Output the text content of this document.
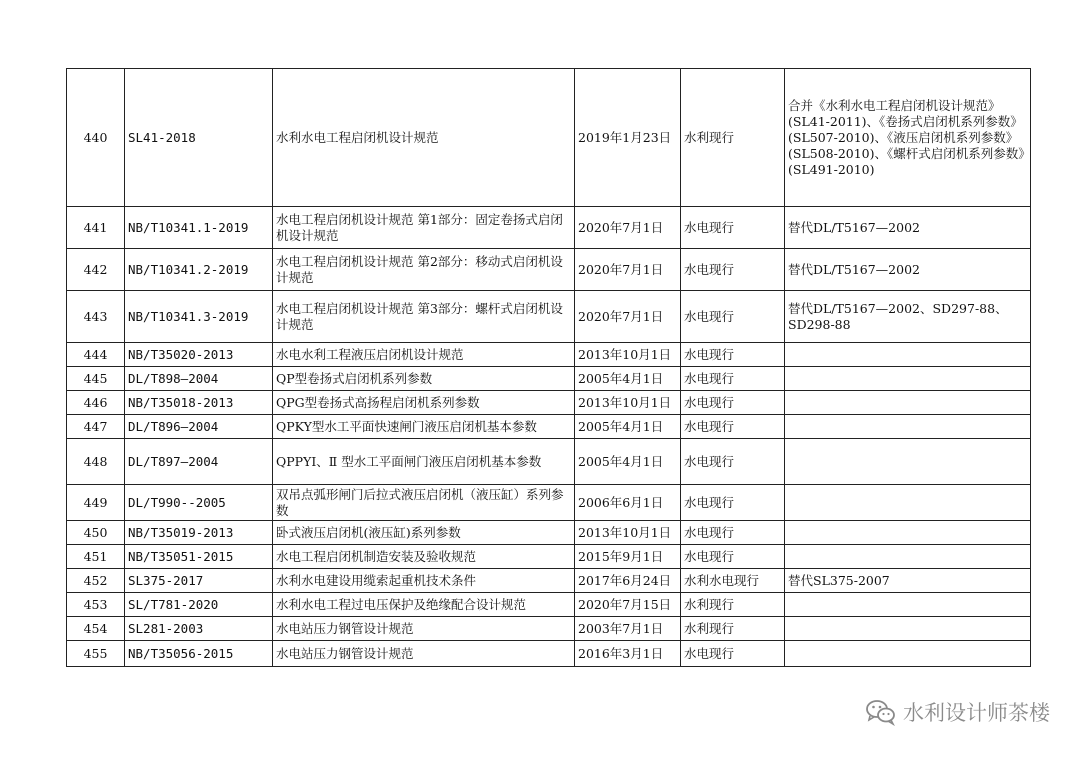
440	SL41-2018	水利水电工程启闭机设计规范	2019年1月23日	水利现行	合并《水利水电工程启闭机设计规范》(SL41-2011)、《卷扬式启闭机系列参数》(SL507-2010)、《液压启闭机系列参数》(SL508-2010)、《螺杆式启闭机系列参数》(SL491-2010)
441	NB/T10341.1-2019	水电工程启闭机设计规范 第1部分：固定卷扬式启闭机设计规范	2020年7月1日	水电现行	替代DL/T5167—2002
442	NB/T10341.2-2019	水电工程启闭机设计规范 第2部分：移动式启闭机设计规范	2020年7月1日	水电现行	替代DL/T5167—2002
443	NB/T10341.3-2019	水电工程启闭机设计规范 第3部分：螺杆式启闭机设计规范	2020年7月1日	水电现行	替代DL/T5167—2002、SD297-88、SD298-88
444	NB/T35020-2013	水电水利工程液压启闭机设计规范	2013年10月1日	水电现行	
445	DL/T898—2004	QP型卷扬式启闭机系列参数	2005年4月1日	水电现行	
446	NB/T35018-2013	QPG型卷扬式高扬程启闭机系列参数	2013年10月1日	水电现行	
447	DL/T896—2004	QPKY型水工平面快速闸门液压启闭机基本参数	2005年4月1日	水电现行	
448	DL/T897—2004	QPPYⅠ、Ⅱ 型水工平面闸门液压启闭机基本参数	2005年4月1日	水电现行	
449	DL/T990--2005	双吊点弧形闸门后拉式液压启闭机（液压缸）系列参数	2006年6月1日	水电现行	
450	NB/T35019-2013	卧式液压启闭机(液压缸)系列参数	2013年10月1日	水电现行	
451	NB/T35051-2015	水电工程启闭机制造安装及验收规范	2015年9月1日	水电现行	
452	SL375-2017	水利水电建设用缆索起重机技术条件	2017年6月24日	水利水电现行	替代SL375-2007
453	SL/T781-2020	水利水电工程过电压保护及绝缘配合设计规范	2020年7月15日	水利现行	
454	SL281-2003	水电站压力钢管设计规范	2003年7月1日	水利现行	
455	NB/T35056-2015	水电站压力钢管设计规范	2016年3月1日	水电现行	
水利设计师茶楼
